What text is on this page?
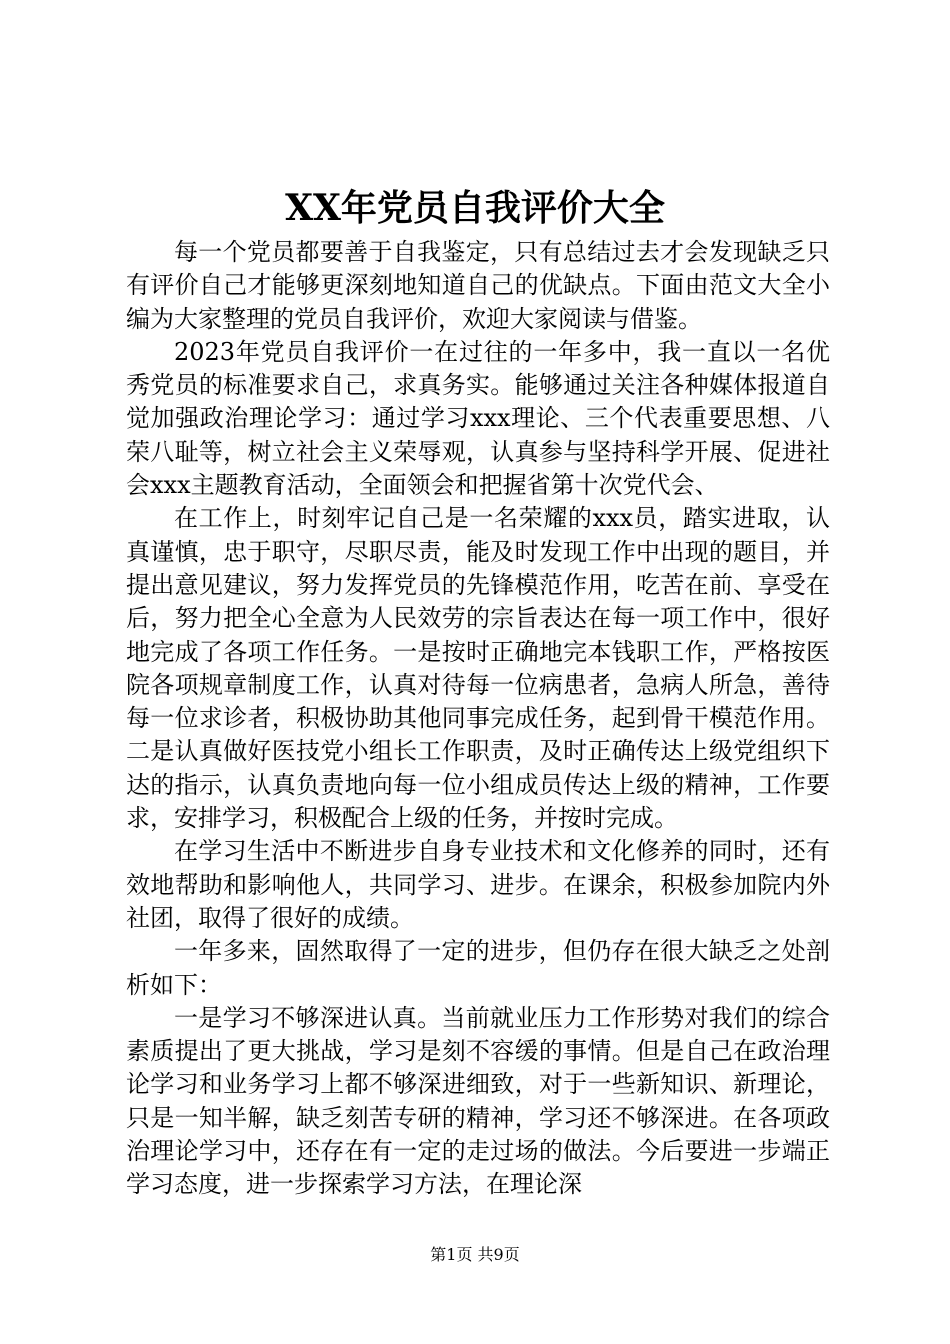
XX年党员自我评价大全

每一个党员都要善于自我鉴定，只有总结过去才会发现缺乏只有评价自己才能够更深刻地知道自己的优缺点。下面由范文大全小编为大家整理的党员自我评价，欢迎大家阅读与借鉴。

2023年党员自我评价一在过往的一年多中，我一直以一名优秀党员的标准要求自己，求真务实。能够通过关注各种媒体报道自觉加强政治理论学习：通过学习xxx理论、三个代表重要思想、八荣八耻等，树立社会主义荣辱观，认真参与坚持科学开展、促进社会xxx主题教育活动，全面领会和把握省第十次党代会、

在工作上，时刻牢记自己是一名荣耀的xxx员，踏实进取，认真谨慎，忠于职守，尽职尽责，能及时发现工作中出现的题目，并提出意见建议，努力发挥党员的先锋模范作用，吃苦在前、享受在后，努力把全心全意为人民效劳的宗旨表达在每一项工作中，很好地完成了各项工作任务。一是按时正确地完本钱职工作，严格按医院各项规章制度工作，认真对待每一位病患者，急病人所急，善待每一位求诊者，积极协助其他同事完成任务，起到骨干模范作用。二是认真做好医技党小组长工作职责，及时正确传达上级党组织下达的指示，认真负责地向每一位小组成员传达上级的精神，工作要求，安排学习，积极配合上级的任务，并按时完成。

在学习生活中不断进步自身专业技术和文化修养的同时，还有效地帮助和影响他人，共同学习、进步。在课余，积极参加院内外社团，取得了很好的成绩。

一年多来，固然取得了一定的进步，但仍存在很大缺乏之处剖析如下：

一是学习不够深进认真。当前就业压力工作形势对我们的综合素质提出了更大挑战，学习是刻不容缓的事情。但是自己在政治理论学习和业务学习上都不够深进细致，对于一些新知识、新理论，只是一知半解，缺乏刻苦专研的精神，学习还不够深进。在各项政治理论学习中，还存在有一定的走过场的做法。今后要进一步端正学习态度，进一步探索学习方法，在理论深

第1页 共9页
